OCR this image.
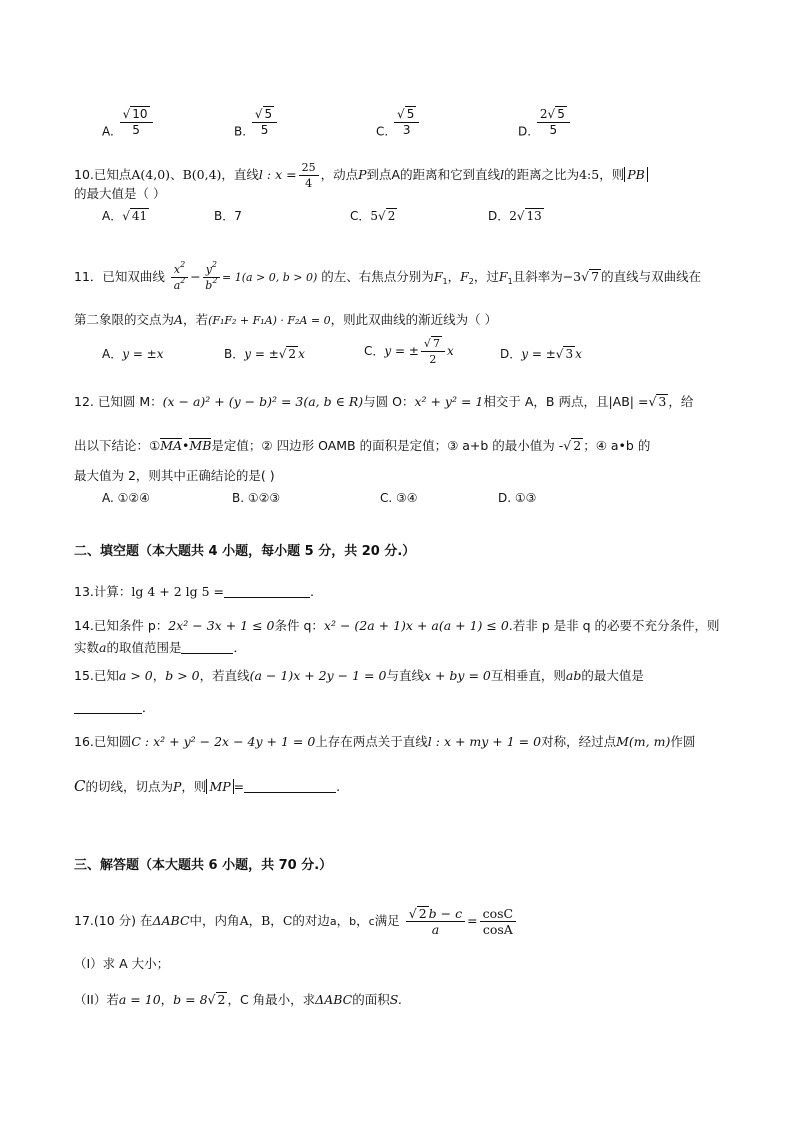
A. $\frac{√ 10}{5}$	B. $\frac{√ 5}{5}$	C. $\frac{√ 5}{3}$	D. $\frac{2√ 5}{5}$
10.已知点A(4,0)、B(0,4)，直线l : $x = \frac{25}{4}$ ，动点P到点A的距离和它到直线l的距离之比为4:5，则 PB
的最大值是（ ）
A．√ 41	B．7	C．5√ 2	D．2√ 13
11．已知双曲线 $\frac{x^2}{a^2} - \frac{y^2}{b^2} = 1(a > 0$, b > 0) 的左、右焦点分别为$F_1$，$F_2$，过$F_1$且斜率为−3√ 7 的直线与双曲线在
第二象限的交点为A，若(F₁F₂ + F₁A) · F₂A = 0，则此双曲线的渐近线为（ ）
A．y = ±x	B．y = ±√ 2 x	C．y = ± $\frac{√ 7}{2}$ x	D．y = ±√ 3 x
12. 已知圆 M：(x − a)² + (y − b)² = 3(a, b ∈ R)与圆 O：x² + y² = 1相交于 A，B 两点，且|AB| =√ 3 ，给
出以下结论：①MA•MB是定值；② 四边形 OAMB 的面积是定值；③ a+b 的最小值为 -√ 2 ；④ a•b 的
最大值为 2，则其中正确结论的是( )
A. ①②④	B. ①②③	C. ③④	D. ①③
二、填空题（本大题共 4 小题，每小题 5 分，共 20 分.）
13.计算：lg 4 + 2 lg 5 =	.
14.已知条件 p：2x² − 3x + 1 ≤ 0条件 q：x² − (2a + 1)x + a(a + 1) ≤ 0.若非 p 是非 q 的必要不充分条件，则
实数a的取值范围是	．
15.已知a > 0，b > 0，若直线(a − 1)x + 2y − 1 = 0与直线x + by = 0互相垂直，则ab的最大值是
．
16.已知圆C : x² + y² − 2x − 4y + 1 = 0上存在两点关于直线l : x + my + 1 = 0对称，经过点M(m, m)作圆
C的切线，切点为P，则 MP =	.
三、解答题（本大题共 6 小题，共 70 分.）
17.(10 分) 在ΔABC中，内角A，B，C的对边a，b，c满足 $\frac{√ 2 b - c}{a} = \frac{\cos C}{\cos A}$
（I）求 A 大小；
（II）若a = 10，b = 8√ 2 ，C 角最小，求ΔABC的面积S.
